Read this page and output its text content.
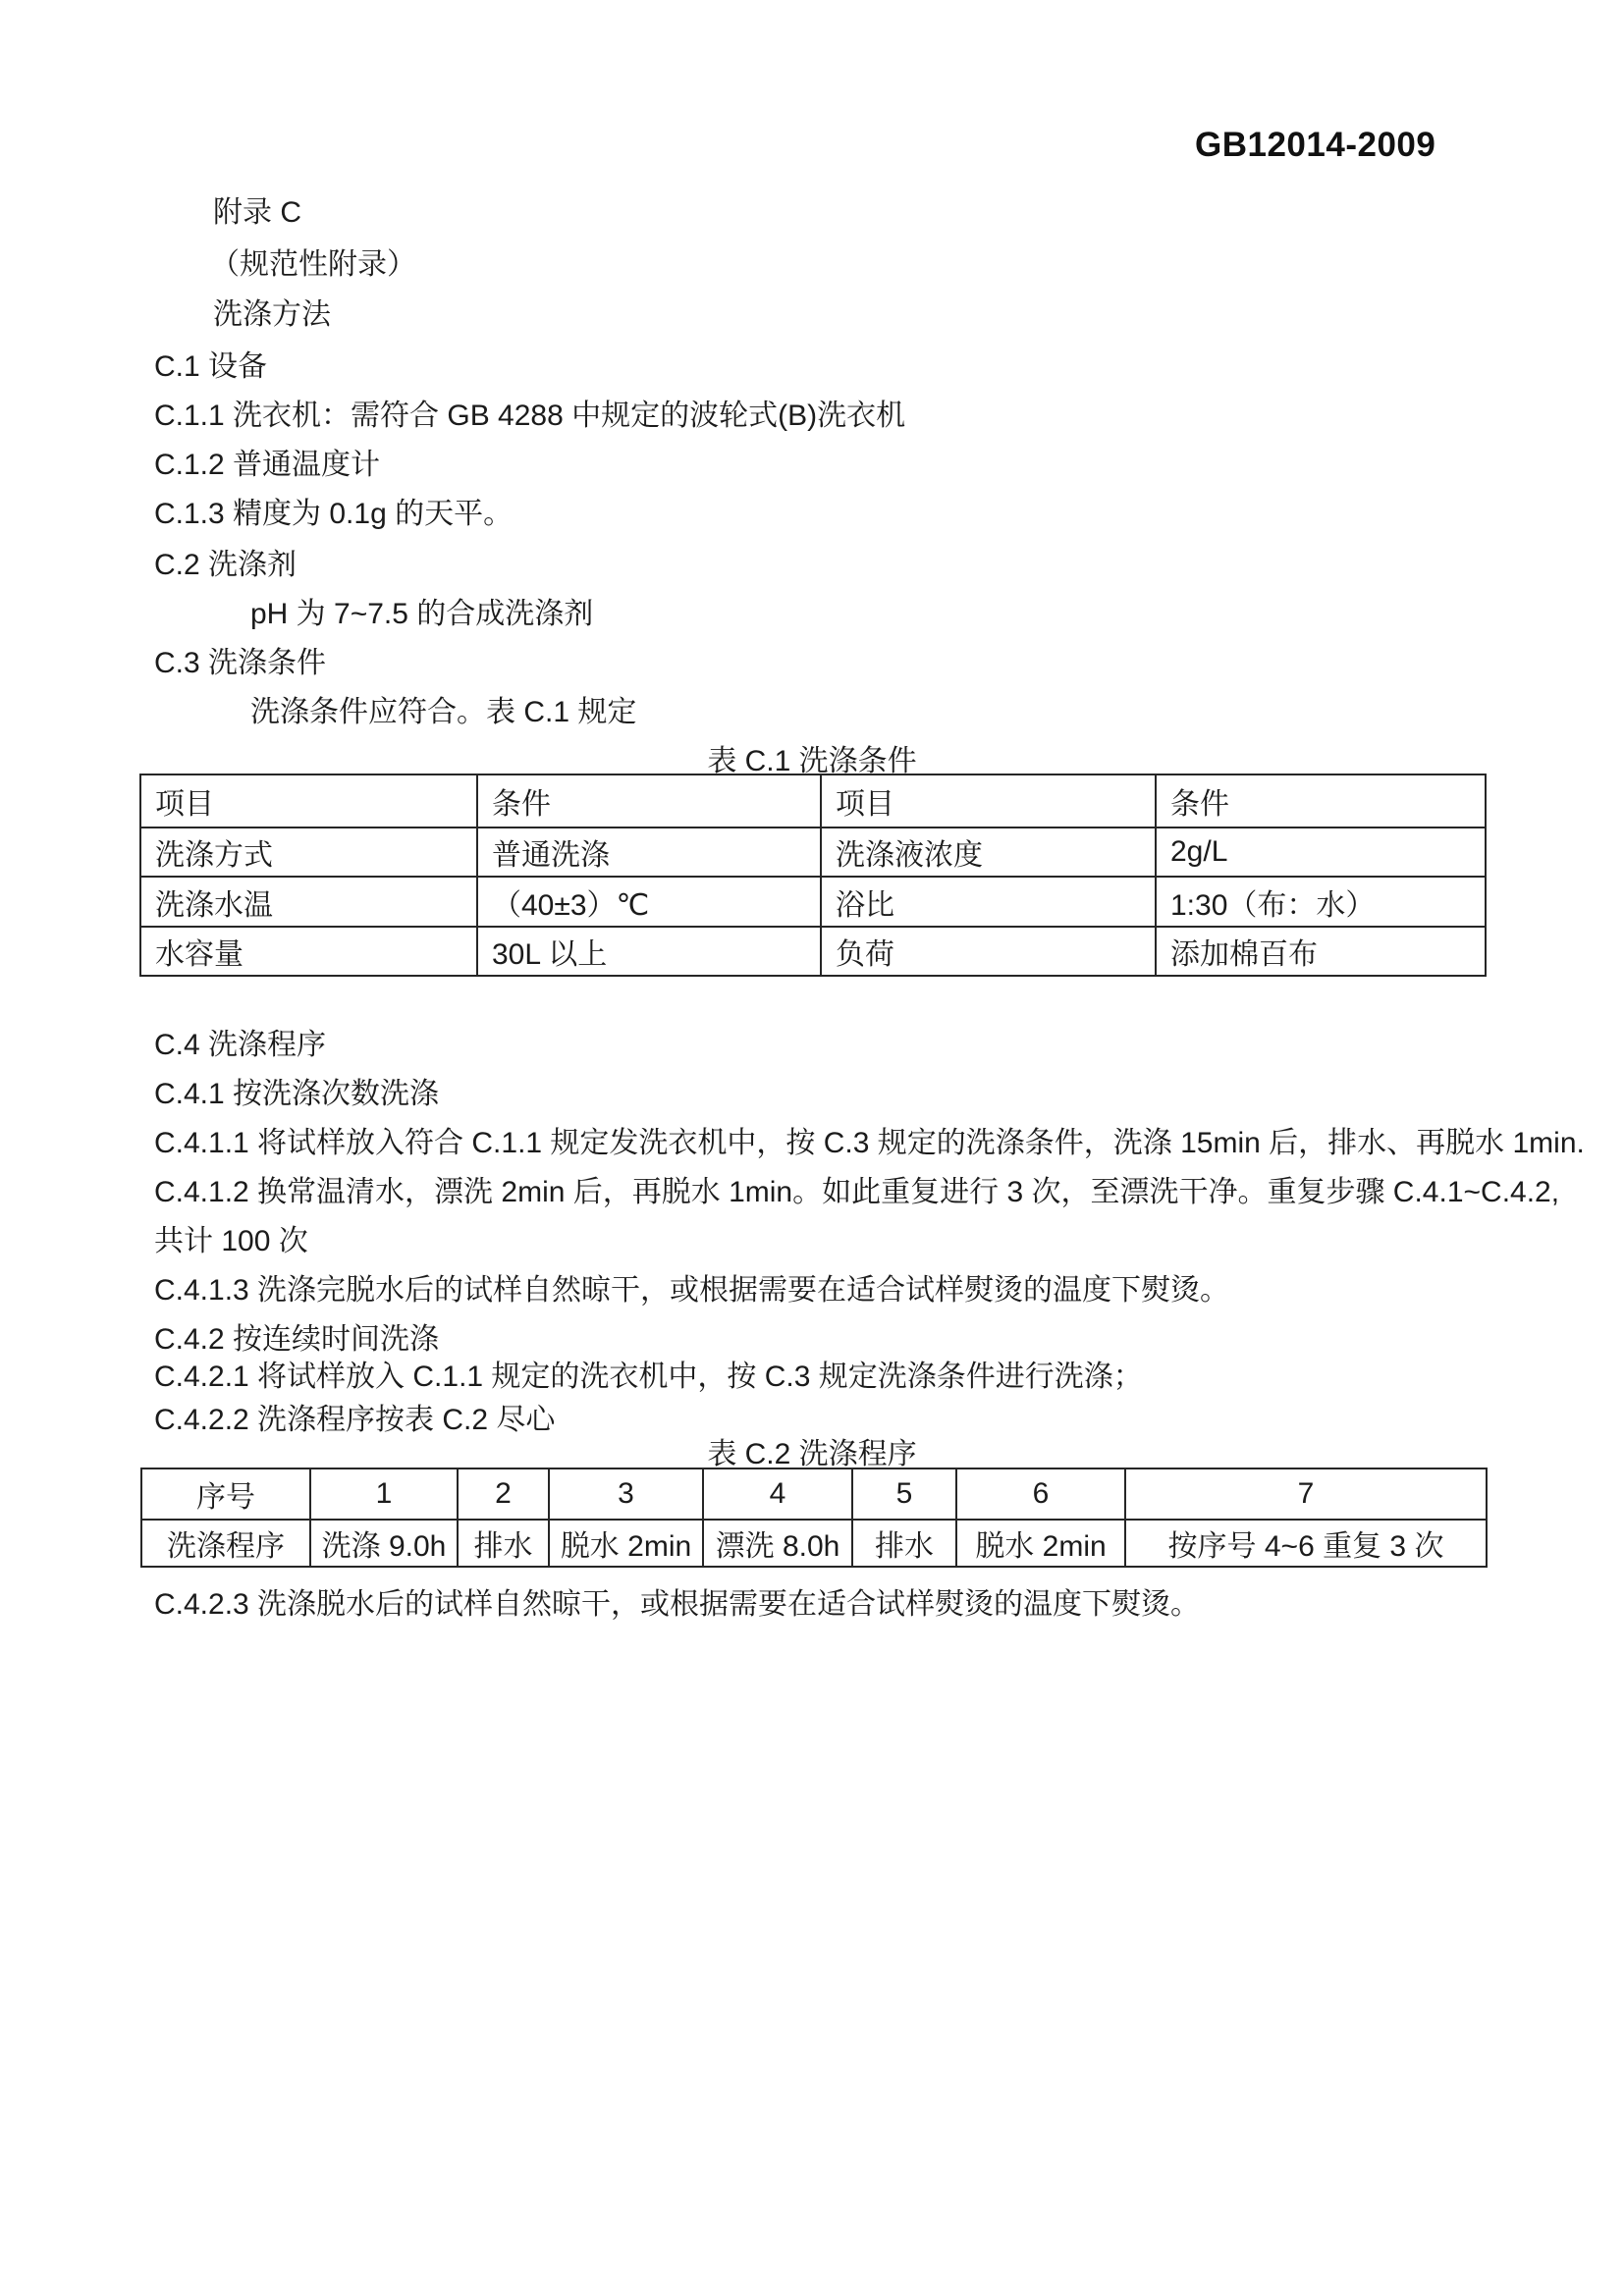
GB12014-2009
附录 C
（规范性附录）
洗涤方法
C.1 设备
C.1.1 洗衣机：需符合 GB 4288 中规定的波轮式(B)洗衣机
C.1.2 普通温度计
C.1.3 精度为 0.1g 的天平。
C.2 洗涤剂
pH 为 7~7.5 的合成洗涤剂
C.3 洗涤条件
洗涤条件应符合。表 C.1 规定
表 C.1 洗涤条件
项目	条件	项目	条件
洗涤方式	普通洗涤	洗涤液浓度	2g/L
洗涤水温	（40±3）℃	浴比	1:30（布：水）
水容量	30L 以上	负荷	添加棉百布
C.4 洗涤程序
C.4.1 按洗涤次数洗涤
C.4.1.1 将试样放入符合 C.1.1 规定发洗衣机中，按 C.3 规定的洗涤条件，洗涤 15min 后，排水、再脱水 1min.
C.4.1.2 换常温清水，漂洗 2min 后，再脱水 1min。如此重复进行 3 次，至漂洗干净。重复步骤 C.4.1~C.4.2,
共计 100 次
C.4.1.3 洗涤完脱水后的试样自然晾干，或根据需要在适合试样熨烫的温度下熨烫。
C.4.2 按连续时间洗涤
C.4.2.1 将试样放入 C.1.1 规定的洗衣机中，按 C.3 规定洗涤条件进行洗涤；
C.4.2.2 洗涤程序按表 C.2 尽心
表 C.2 洗涤程序
序号	1	2	3	4	5	6	7
洗涤程序	洗涤 9.0h	排水	脱水 2min	漂洗 8.0h	排水	脱水 2min	按序号 4~6 重复 3 次
C.4.2.3 洗涤脱水后的试样自然晾干，或根据需要在适合试样熨烫的温度下熨烫。
